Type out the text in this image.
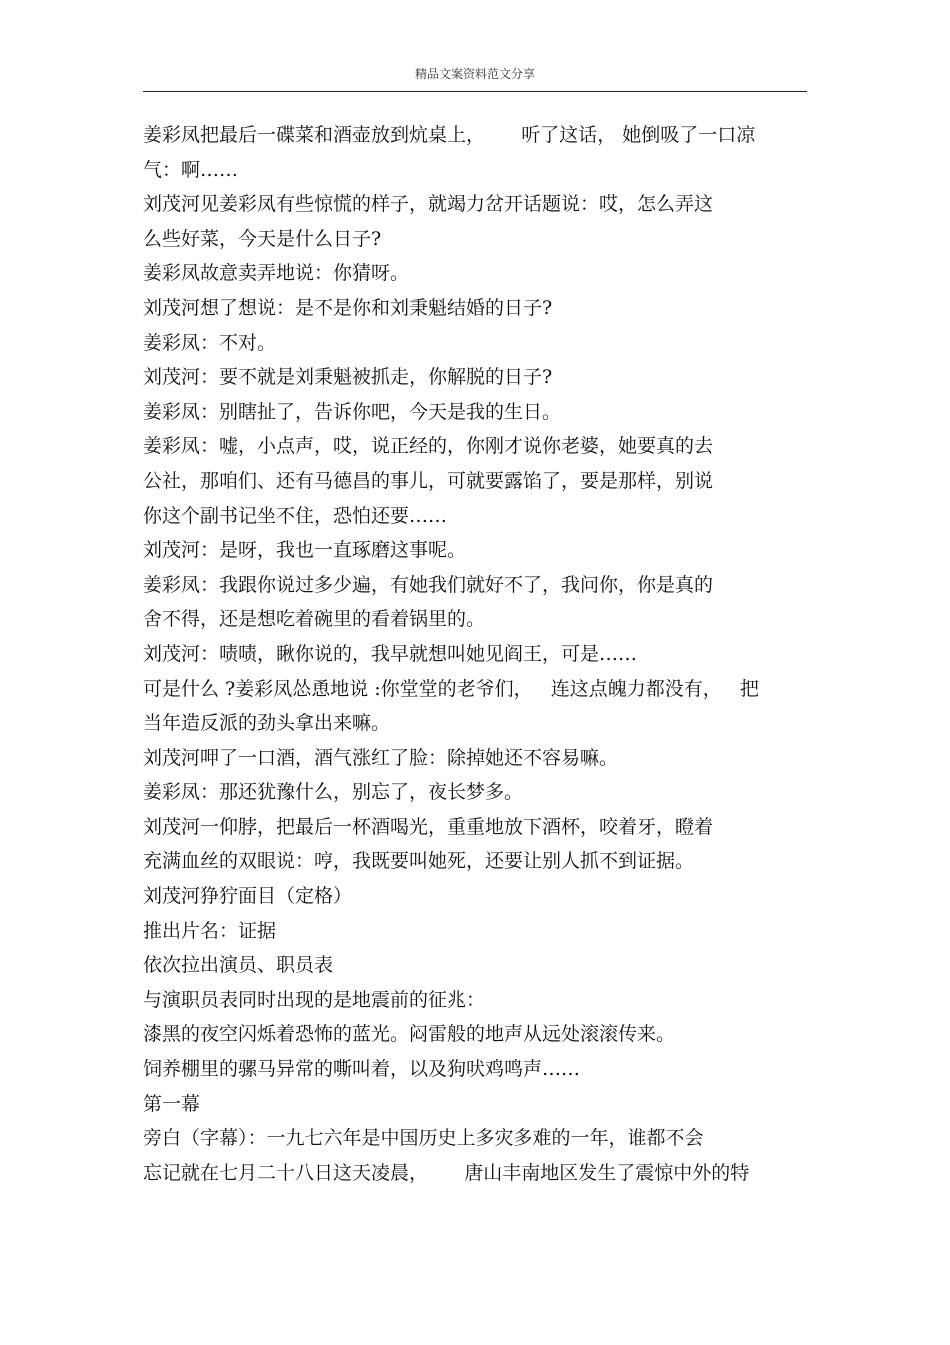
精品文案资料范文分享
姜彩凤把最后一碟菜和酒壶放到炕桌上，      听了这话， 她倒吸了一口凉
气：啊……
刘茂河见姜彩凤有些惊慌的样子，就竭力岔开话题说：哎，怎么弄这
么些好菜，今天是什么日子?
姜彩凤故意卖弄地说：你猜呀。
刘茂河想了想说：是不是你和刘秉魁结婚的日子?
姜彩凤：不对。
刘茂河：要不就是刘秉魁被抓走，你解脱的日子?
姜彩凤：别瞎扯了，告诉你吧，今天是我的生日。
姜彩凤：嘘，小点声，哎，说正经的，你刚才说你老婆，她要真的去
公社，那咱们、还有马德昌的事儿，可就要露馅了，要是那样，别说
你这个副书记坐不住，恐怕还要……
刘茂河：是呀，我也一直琢磨这事呢。
姜彩凤：我跟你说过多少遍，有她我们就好不了，我问你，你是真的
舍不得，还是想吃着碗里的看着锅里的。
刘茂河：啧啧，瞅你说的，我早就想叫她见阎王，可是……
可是什么 ?姜彩凤怂恿地说 :你堂堂的老爷们，   连这点魄力都没有，   把
当年造反派的劲头拿出来嘛。
刘茂河呷了一口酒，酒气涨红了脸：除掉她还不容易嘛。
姜彩凤：那还犹豫什么，别忘了，夜长梦多。
刘茂河一仰脖，把最后一杯酒喝光，重重地放下酒杯，咬着牙，瞪着
充满血丝的双眼说：哼，我既要叫她死，还要让别人抓不到证据。
刘茂河狰狞面目（定格）
推出片名：证据
依次拉出演员、职员表
与演职员表同时出现的是地震前的征兆：
漆黑的夜空闪烁着恐怖的蓝光。闷雷般的地声从远处滚滚传来。
饲养棚里的骡马异常的嘶叫着，以及狗吠鸡鸣声……
第一幕
旁白（字幕）：一九七六年是中国历史上多灾多难的一年，谁都不会
忘记就在七月二十八日这天凌晨，      唐山丰南地区发生了震惊中外的特
